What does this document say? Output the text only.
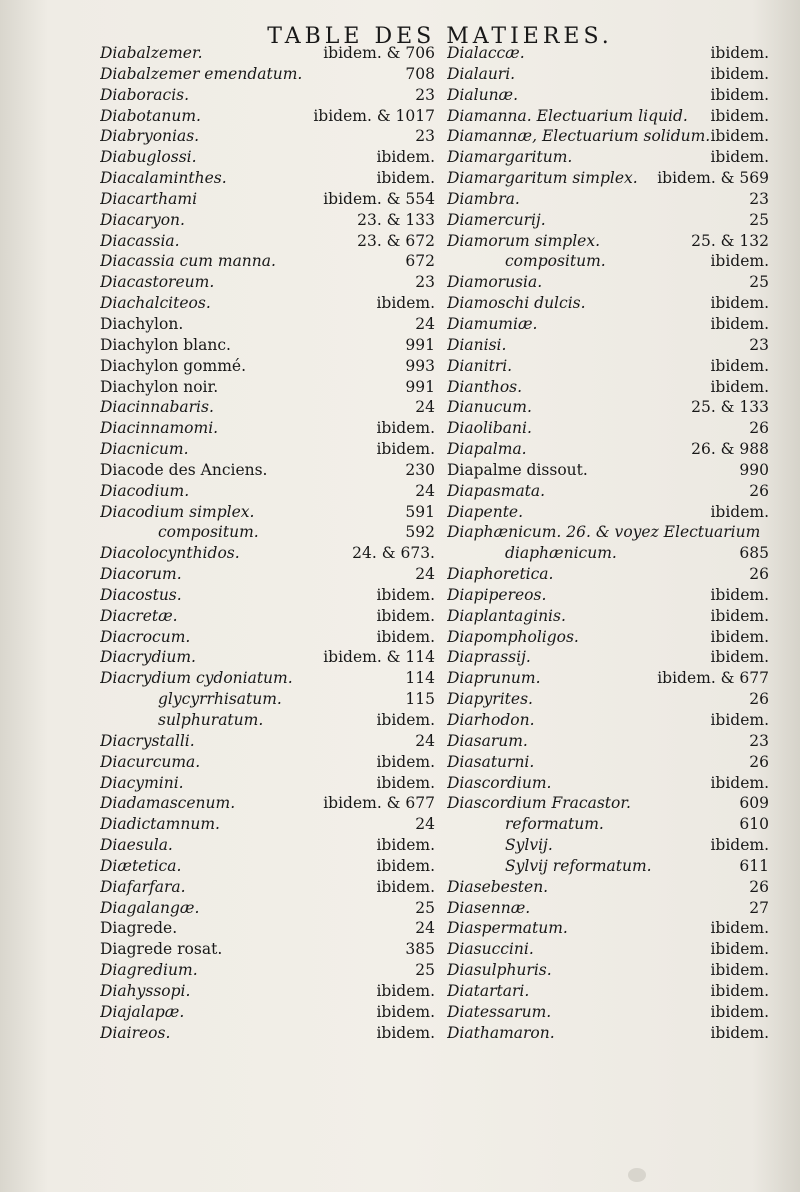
TABLE DES MATIERES.
Diabalzemer.	ibidem. & 706
Diabalzemer emendatum.	708
Diaboracis.	23
Diabotanum.	ibidem. & 1017
Diabryonias.	23
Diabuglossi.	ibidem.
Diacalaminthes.	ibidem.
Diacarthami	ibidem. & 554
Diacaryon.	23. & 133
Diacassia.	23. & 672
Diacassia cum manna.	672
Diacastoreum.	23
Diachalciteos.	ibidem.
Diachylon.	24
Diachylon blanc.	991
Diachylon gommé.	993
Diachylon noir.	991
Diacinnabaris.	24
Diacinnamomi.	ibidem.
Diacnicum.	ibidem.
Diacode des Anciens.	230
Diacodium.	24
Diacodium simplex.	591
compositum.	592
Diacolocynthidos.	24. & 673.
Diacorum.	24
Diacostus.	ibidem.
Diacretæ.	ibidem.
Diacrocum.	ibidem.
Diacrydium.	ibidem. & 114
Diacrydium cydoniatum.	114
glycyrrhisatum.	115
sulphuratum.	ibidem.
Diacrystalli.	24
Diacurcuma.	ibidem.
Diacymini.	ibidem.
Diadamascenum.	ibidem. & 677
Diadictamnum.	24
Diaesula.	ibidem.
Diætetica.	ibidem.
Diafarfara.	ibidem.
Diagalangæ.	25
Diagrede.	24
Diagrede rosat.	385
Diagredium.	25
Diahyssopi.	ibidem.
Diajalapæ.	ibidem.
Diaireos.	ibidem.
Dialaccæ.	ibidem.
Dialauri.	ibidem.
Dialunæ.	ibidem.
Diamanna. Electuarium liquid. ibidem.
Diamannæ, Electuarium solidum. ibidem.
Diamargaritum.	ibidem.
Diamargaritum simplex. ibidem. & 569
Diambra.	23
Diamercurij.	25
Diamorum simplex.	25. & 132
compositum.	ibidem.
Diamorusia.	25
Diamoschi dulcis.	ibidem.
Diamumiæ.	ibidem.
Dianisi.	23
Dianitri.	ibidem.
Dianthos.	ibidem.
Dianucum.	25. & 133
Diaolibani.	26
Diapalma.	26. & 988
Diapalme dissout.	990
Diapasmata.	26
Diapente.	ibidem.
Diaphænicum. 26. & voyez Electuarium
diaphænicum.	685
Diaphoretica.	26
Diapipereos.	ibidem.
Diaplantaginis.	ibidem.
Diapompholigos.	ibidem.
Diaprassij.	ibidem.
Diaprunum.	ibidem. & 677
Diapyrites.	26
Diarhodon.	ibidem.
Diasarum.	23
Diasaturni.	26
Diascordium.	ibidem.
Diascordium Fracastor.	609
reformatum.	610
Sylvij.	ibidem.
Sylvij reformatum.	611
Diasebesten.	26
Diasennæ.	27
Diaspermatum.	ibidem.
Diasuccini.	ibidem.
Diasulphuris.	ibidem.
Diatartari.	ibidem.
Diatessarum.	ibidem.
Diathamaron.	ibidem.
